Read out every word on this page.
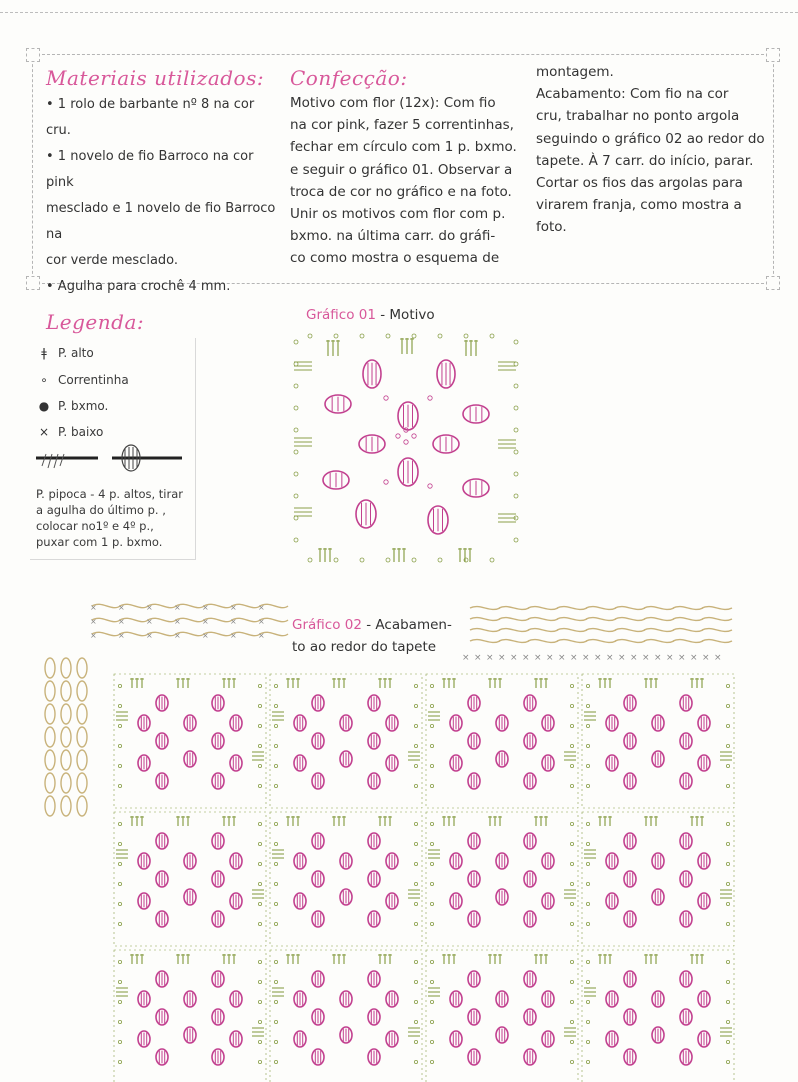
Materiais utilizados:
• 1 rolo de barbante nº 8 na cor cru.
• 1 novelo de fio Barroco na cor pink
mesclado e 1 novelo de fio Barroco na
cor verde mesclado.
• Agulha para crochê 4 mm.
Confecção:
Motivo com flor (12x): Com fio
na cor pink, fazer 5 correntinhas,
fechar em círculo com 1 p. bxmo.
e seguir o gráfico 01. Observar a
troca de cor no gráfico e na foto.
Unir os motivos com flor com p.
bxmo. na última carr. do gráfi-
co como mostra o esquema de
montagem.
Acabamento: Com fio na cor
cru, trabalhar no ponto argola
seguindo o gráfico 02 ao redor do
tapete. À 7 carr. do início, parar.
Cortar os fios das argolas para
virarem franja, como mostra a
foto.
Legenda:
ǂ P. alto
∘ Correntinha
● P. bxmo.
× P. baixo
P. pipoca - 4 p. altos, tirar a agulha do último p. , colocar no1º e 4º p., puxar com 1 p. bxmo.
Gráfico 01 - Motivo
Gráfico 02 - Acabamen-
to ao redor do tapete
×	×	×	×	×	×	×
×	×	×	×	×	×	×
×	×	×	×	×	×	×
× × × × × × × × × × × × × × × × × × × × × ×
